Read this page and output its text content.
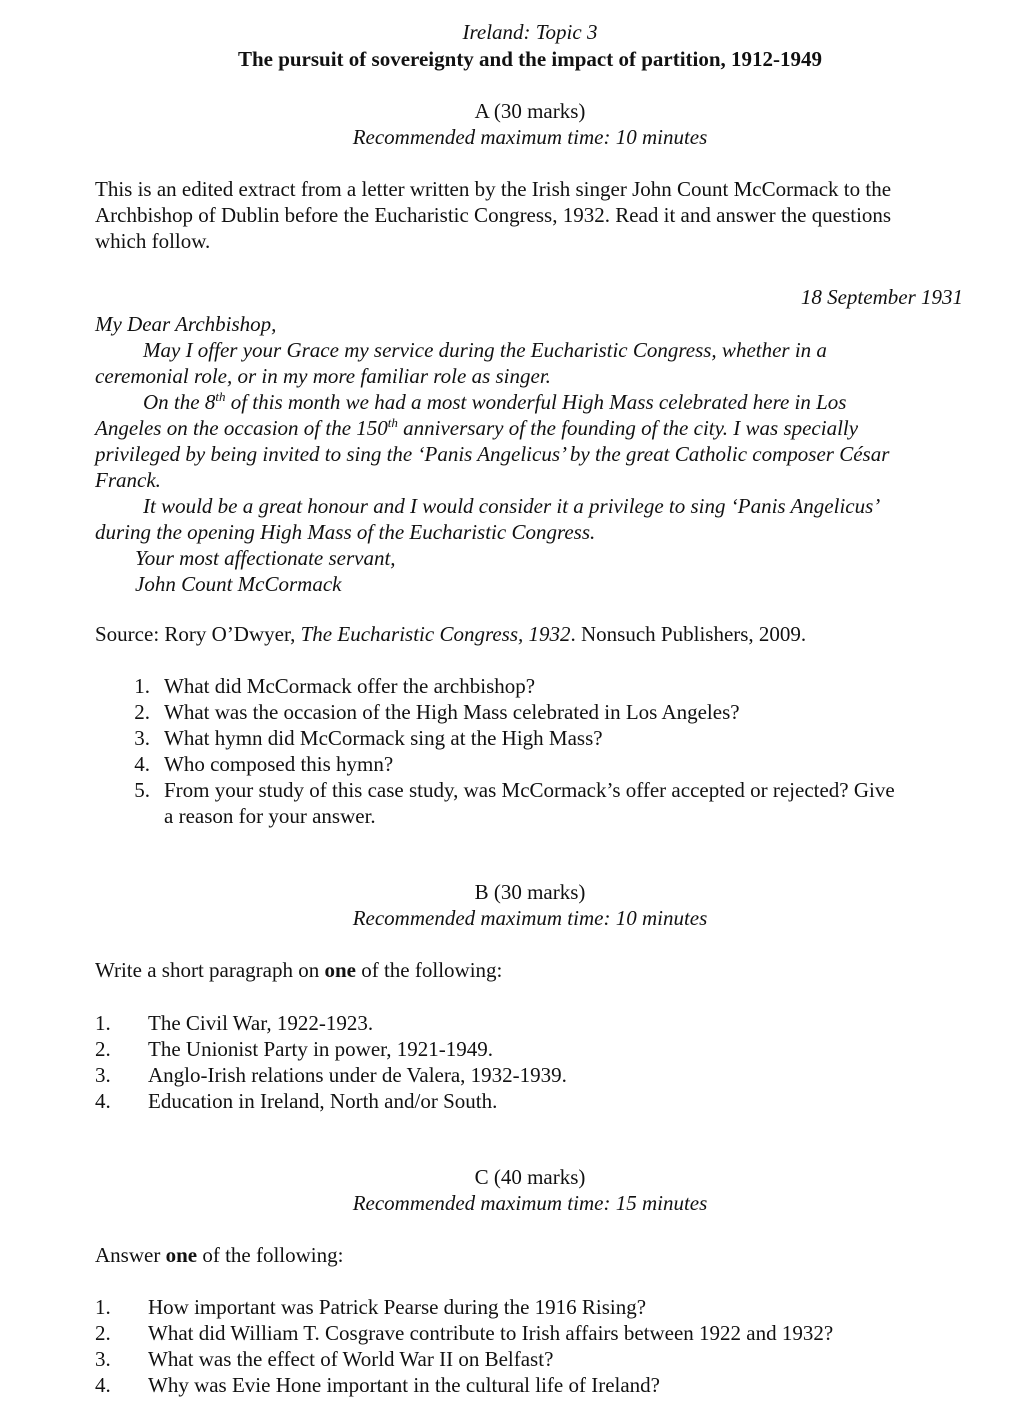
Ireland: Topic 3
The pursuit of sovereignty and the impact of partition, 1912-1949
A (30 marks)
Recommended maximum time: 10 minutes
This is an edited extract from a letter written by the Irish singer John Count McCormack to the
Archbishop of Dublin before the Eucharistic Congress, 1932. Read it and answer the questions
which follow.
18 September 1931
My Dear Archbishop,
May I offer your Grace my service during the Eucharistic Congress, whether in a
ceremonial role, or in my more familiar role as singer.
On the 8th of this month we had a most wonderful High Mass celebrated here in Los
Angeles on the occasion of the 150th anniversary of the founding of the city. I was specially
privileged by being invited to sing the ‘Panis Angelicus’ by the great Catholic composer César
Franck.
It would be a great honour and I would consider it a privilege to sing ‘Panis Angelicus’
during the opening High Mass of the Eucharistic Congress.
Your most affectionate servant,
John Count McCormack
Source: Rory O’Dwyer, The Eucharistic Congress, 1932. Nonsuch Publishers, 2009.
1. What did McCormack offer the archbishop?
2. What was the occasion of the High Mass celebrated in Los Angeles?
3. What hymn did McCormack sing at the High Mass?
4. Who composed this hymn?
5. From your study of this case study, was McCormack’s offer accepted or rejected? Give
a reason for your answer.
B (30 marks)
Recommended maximum time: 10 minutes
Write a short paragraph on one of the following:
1. The Civil War, 1922-1923.
2. The Unionist Party in power, 1921-1949.
3. Anglo-Irish relations under de Valera, 1932-1939.
4. Education in Ireland, North and/or South.
C (40 marks)
Recommended maximum time: 15 minutes
Answer one of the following:
1. How important was Patrick Pearse during the 1916 Rising?
2. What did William T. Cosgrave contribute to Irish affairs between 1922 and 1932?
3. What was the effect of World War II on Belfast?
4. Why was Evie Hone important in the cultural life of Ireland?
